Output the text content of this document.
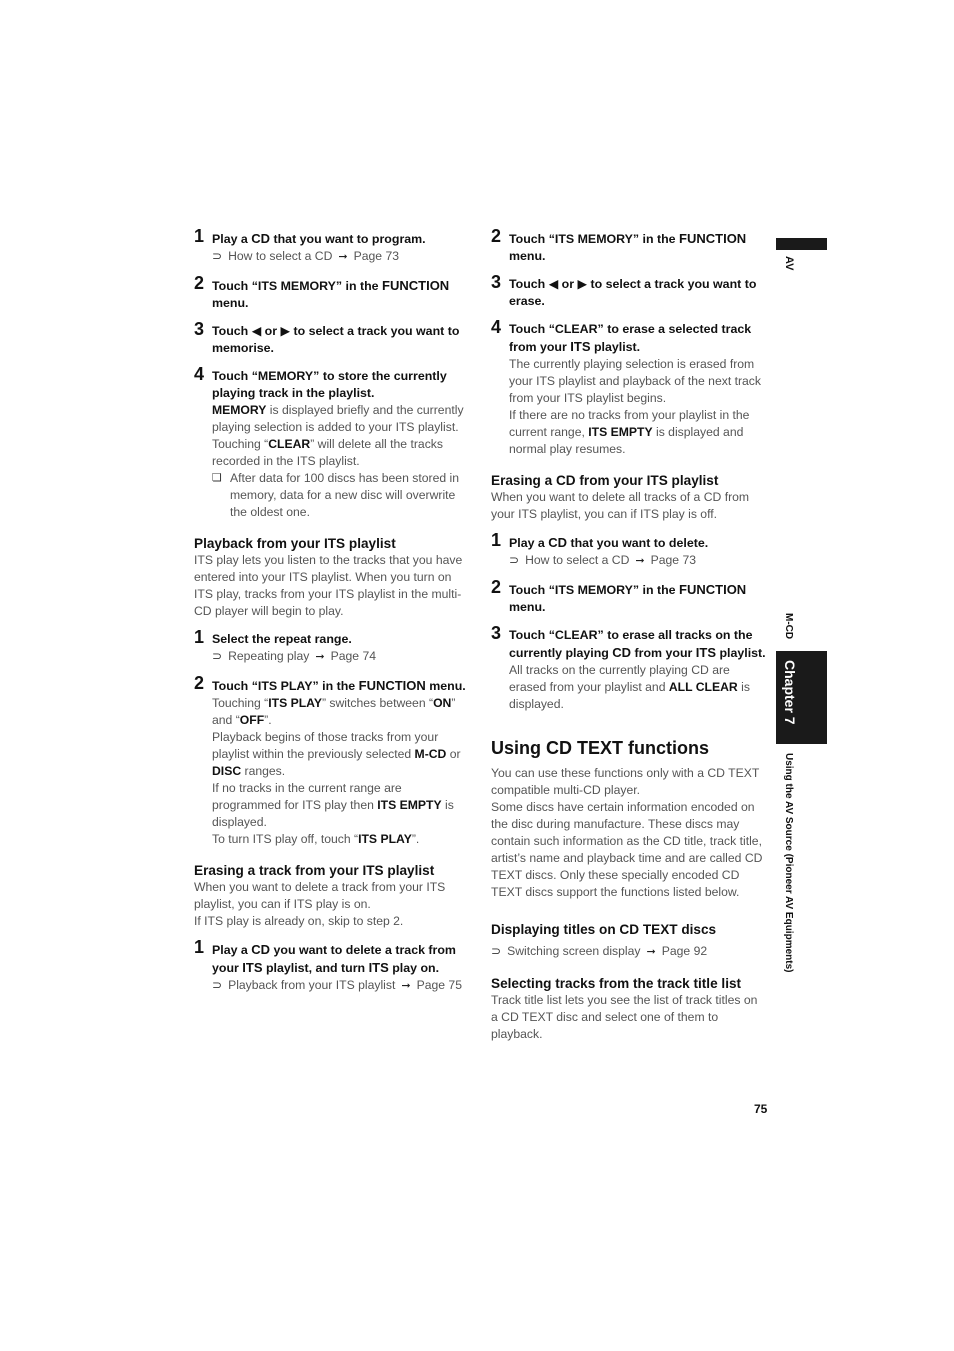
1 Play a CD that you want to program.

⊃ How to select a CD ➞ Page 73

2 Touch “ITS MEMORY” in the FUNCTION menu.
3 Touch ◀ or ▶ to select a track you want to memorise.
4 Touch “MEMORY” to store the currently playing track in the playlist.

MEMORY is displayed briefly and the currently playing selection is added to your ITS playlist.

Touching “CLEAR” will delete all the tracks recorded in the ITS playlist.

❏ After data for 100 discs has been stored in memory, data for a new disc will overwrite the oldest one.
Playback from your ITS playlist

ITS play lets you listen to the tracks that you have entered into your ITS playlist. When you turn on ITS play, tracks from your ITS playlist in the multi-CD player will begin to play.

1 Select the repeat range.

⊃ Repeating play ➞ Page 74

2 Touch “ITS PLAY” in the FUNCTION menu.

Touching “ITS PLAY” switches between “ON” and “OFF”.

Playback begins of those tracks from your playlist within the previously selected M-CD or DISC ranges.

If no tracks in the current range are programmed for ITS play then ITS EMPTY is displayed.

To turn ITS play off, touch “ITS PLAY”.

Erasing a track from your ITS playlist

When you want to delete a track from your ITS playlist, you can if ITS play is on.

If ITS play is already on, skip to step 2.

1 Play a CD you want to delete a track from your ITS playlist, and turn ITS play on.

⊃ Playback from your ITS playlist ➞ Page 75

2 Touch “ITS MEMORY” in the FUNCTION menu.
3 Touch ◀ or ▶ to select a track you want to erase.
4 Touch “CLEAR” to erase a selected track from your ITS playlist.

The currently playing selection is erased from your ITS playlist and playback of the next track from your ITS playlist begins.

If there are no tracks from your playlist in the current range, ITS EMPTY is displayed and normal play resumes.

Erasing a CD from your ITS playlist

When you want to delete all tracks of a CD from your ITS playlist, you can if ITS play is off.

1 Play a CD that you want to delete.

⊃ How to select a CD ➞ Page 73

2 Touch “ITS MEMORY” in the FUNCTION menu.
3 Touch “CLEAR” to erase all tracks on the currently playing CD from your ITS playlist.

All tracks on the currently playing CD are erased from your playlist and ALL CLEAR is displayed.

Using CD TEXT functions

You can use these functions only with a CD TEXT compatible multi-CD player.

Some discs have certain information encoded on the disc during manufacture. These discs may contain such information as the CD title, track title, artist’s name and playback time and are called CD TEXT discs. Only these specially encoded CD TEXT discs support the functions listed below.

Displaying titles on CD TEXT discs

⊃ Switching screen display ➞ Page 92

Selecting tracks from the track title list

Track title list lets you see the list of track titles on a CD TEXT disc and select one of them to playback.

AV
M-CD
Chapter 7
Using the AV Source (Pioneer AV Equipments)
75
